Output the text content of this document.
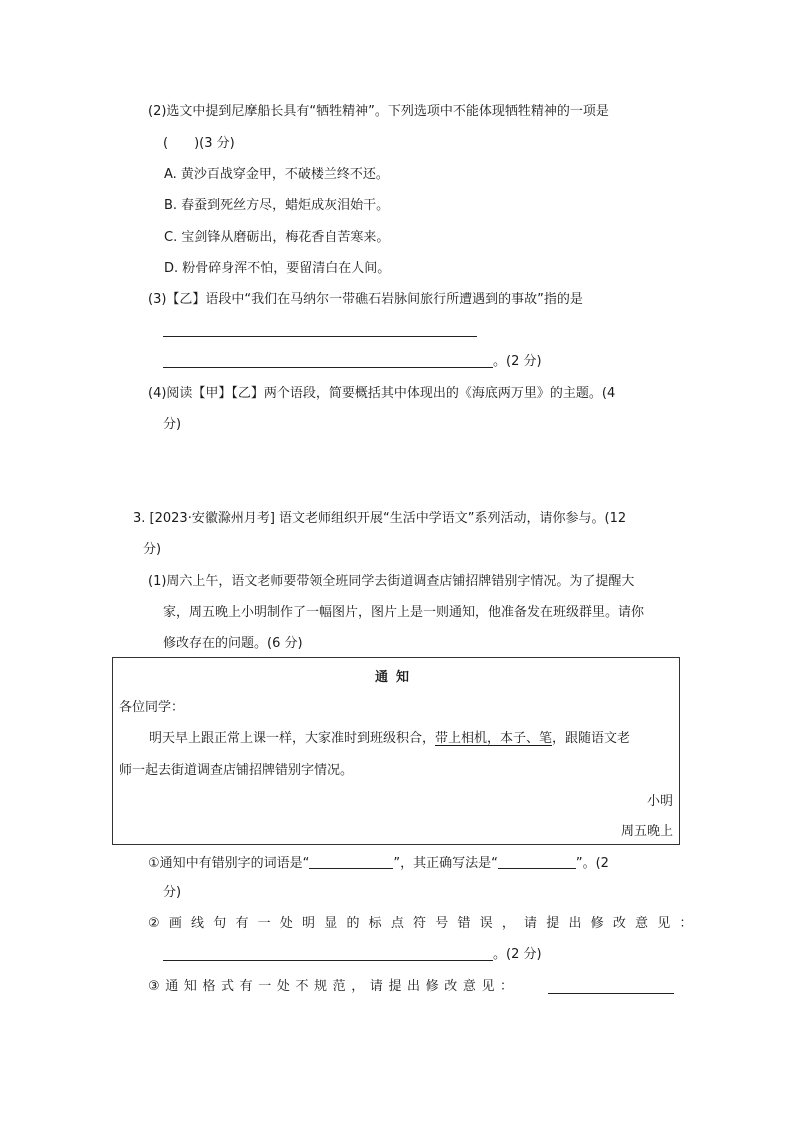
(2)选文中提到尼摩船长具有“牺牲精神”。下列选项中不能体现牺牲精神的一项是
(　　)(3 分)
A. 黄沙百战穿金甲，不破楼兰终不还。
B. 春蚕到死丝方尽，蜡炬成灰泪始干。
C. 宝剑锋从磨砺出，梅花香自苦寒来。
D. 粉骨碎身浑不怕，要留清白在人间。
(3)【乙】语段中“我们在马纳尔一带礁石岩脉间旅行所遭遇到的事故”指的是
。(2 分)
(4)阅读【甲】【乙】两个语段，简要概括其中体现出的《海底两万里》的主题。(4
分)
3. [2023·安徽滁州月考] 语文老师组织开展“生活中学语文”系列活动，请你参与。(12
分)
(1)周六上午，语文老师要带领全班同学去街道调查店铺招牌错别字情况。为了提醒大
家，周五晚上小明制作了一幅图片，图片上是一则通知，他准备发在班级群里。请你
修改存在的问题。(6 分)
通知
各位同学：
明天早上跟正常上课一样，大家准时到班级积合，带上相机，本子、笔，跟随语文老
师一起去街道调查店铺招牌错别字情况。
小明
周五晚上
①通知中有错别字的词语是“	”，其正确写法是“	”。(2
分)
②画线句有一处明显的标点符号错误，请提出修改意见：
。(2 分)
③通知格式有一处不规范，请提出修改意见：
